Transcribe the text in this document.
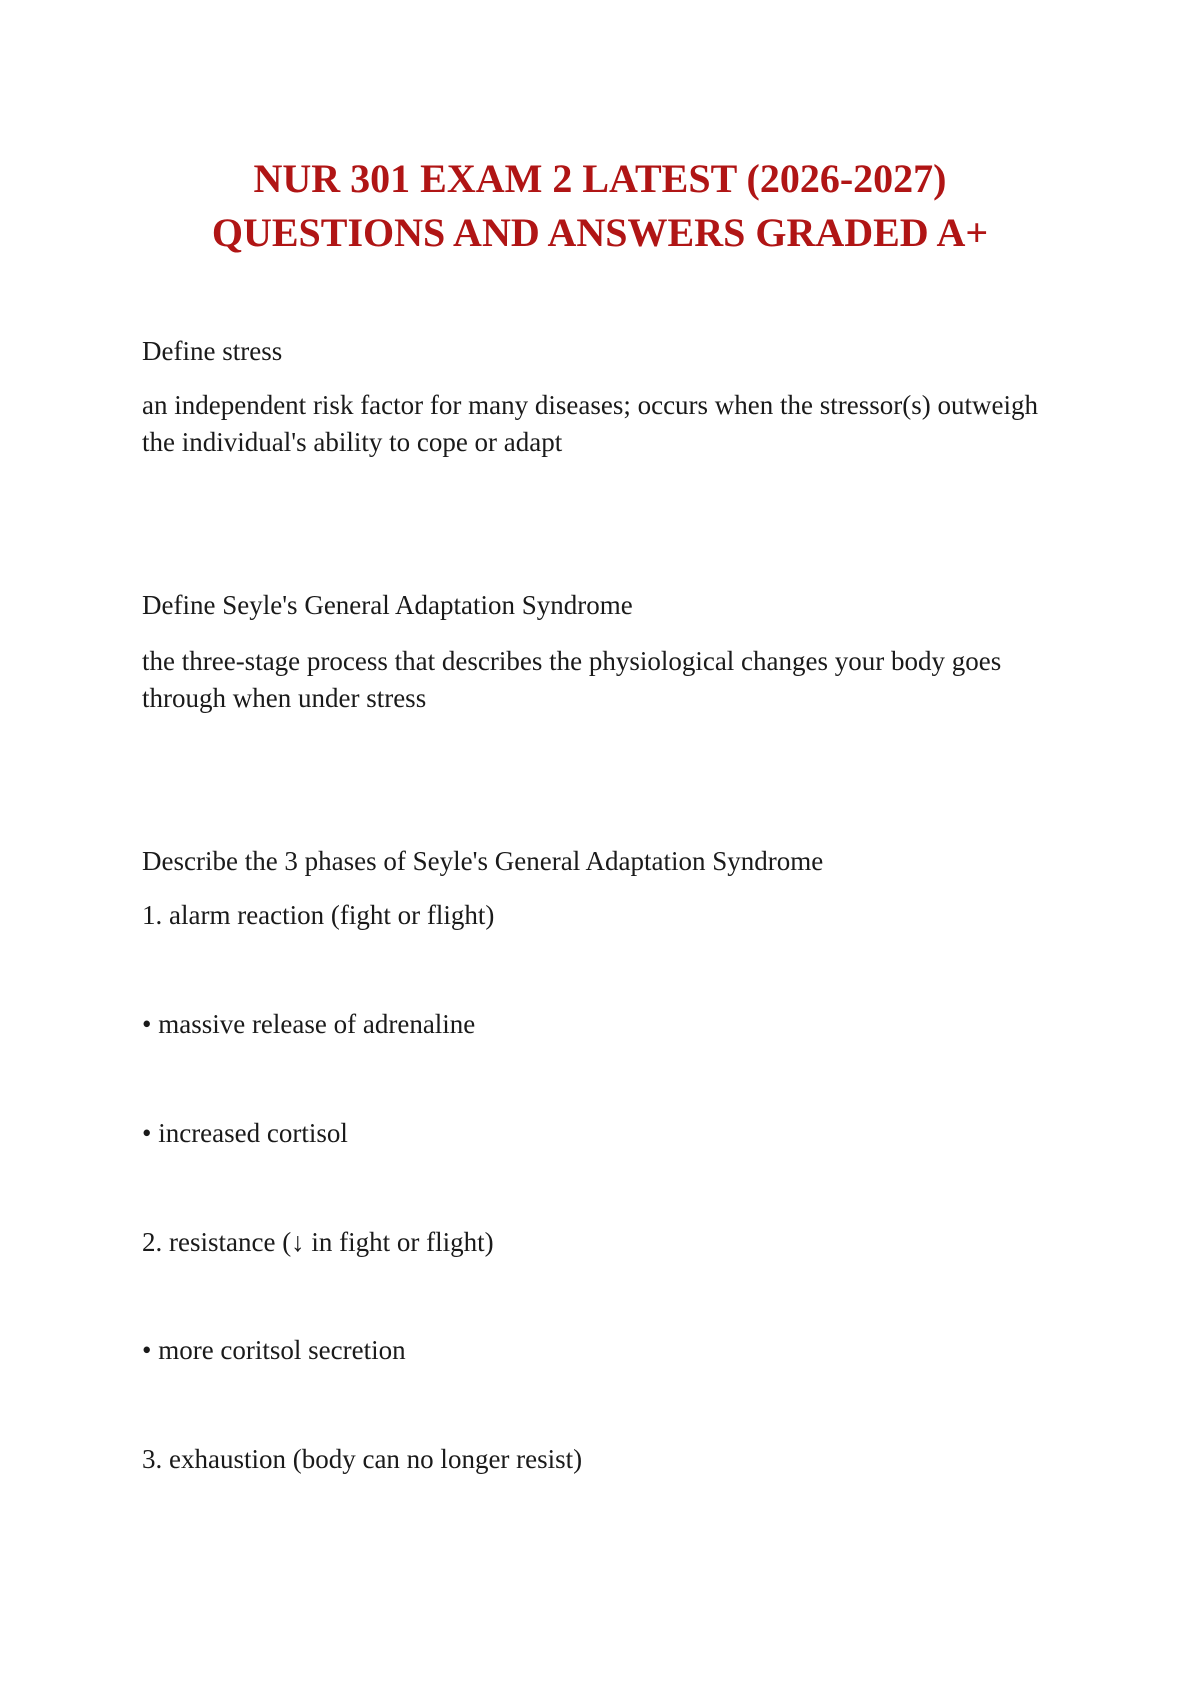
NUR 301 EXAM 2 LATEST (2026-2027)
QUESTIONS AND ANSWERS GRADED A+

Define stress

an independent risk factor for many diseases; occurs when the stressor(s) outweigh the individual's ability to cope or adapt

Define Seyle's General Adaptation Syndrome

the three-stage process that describes the physiological changes your body goes through when under stress

Describe the 3 phases of Seyle's General Adaptation Syndrome

1. alarm reaction (fight or flight)

• massive release of adrenaline

• increased cortisol

2. resistance (↓ in fight or flight)

• more coritsol secretion

3. exhaustion (body can no longer resist)
